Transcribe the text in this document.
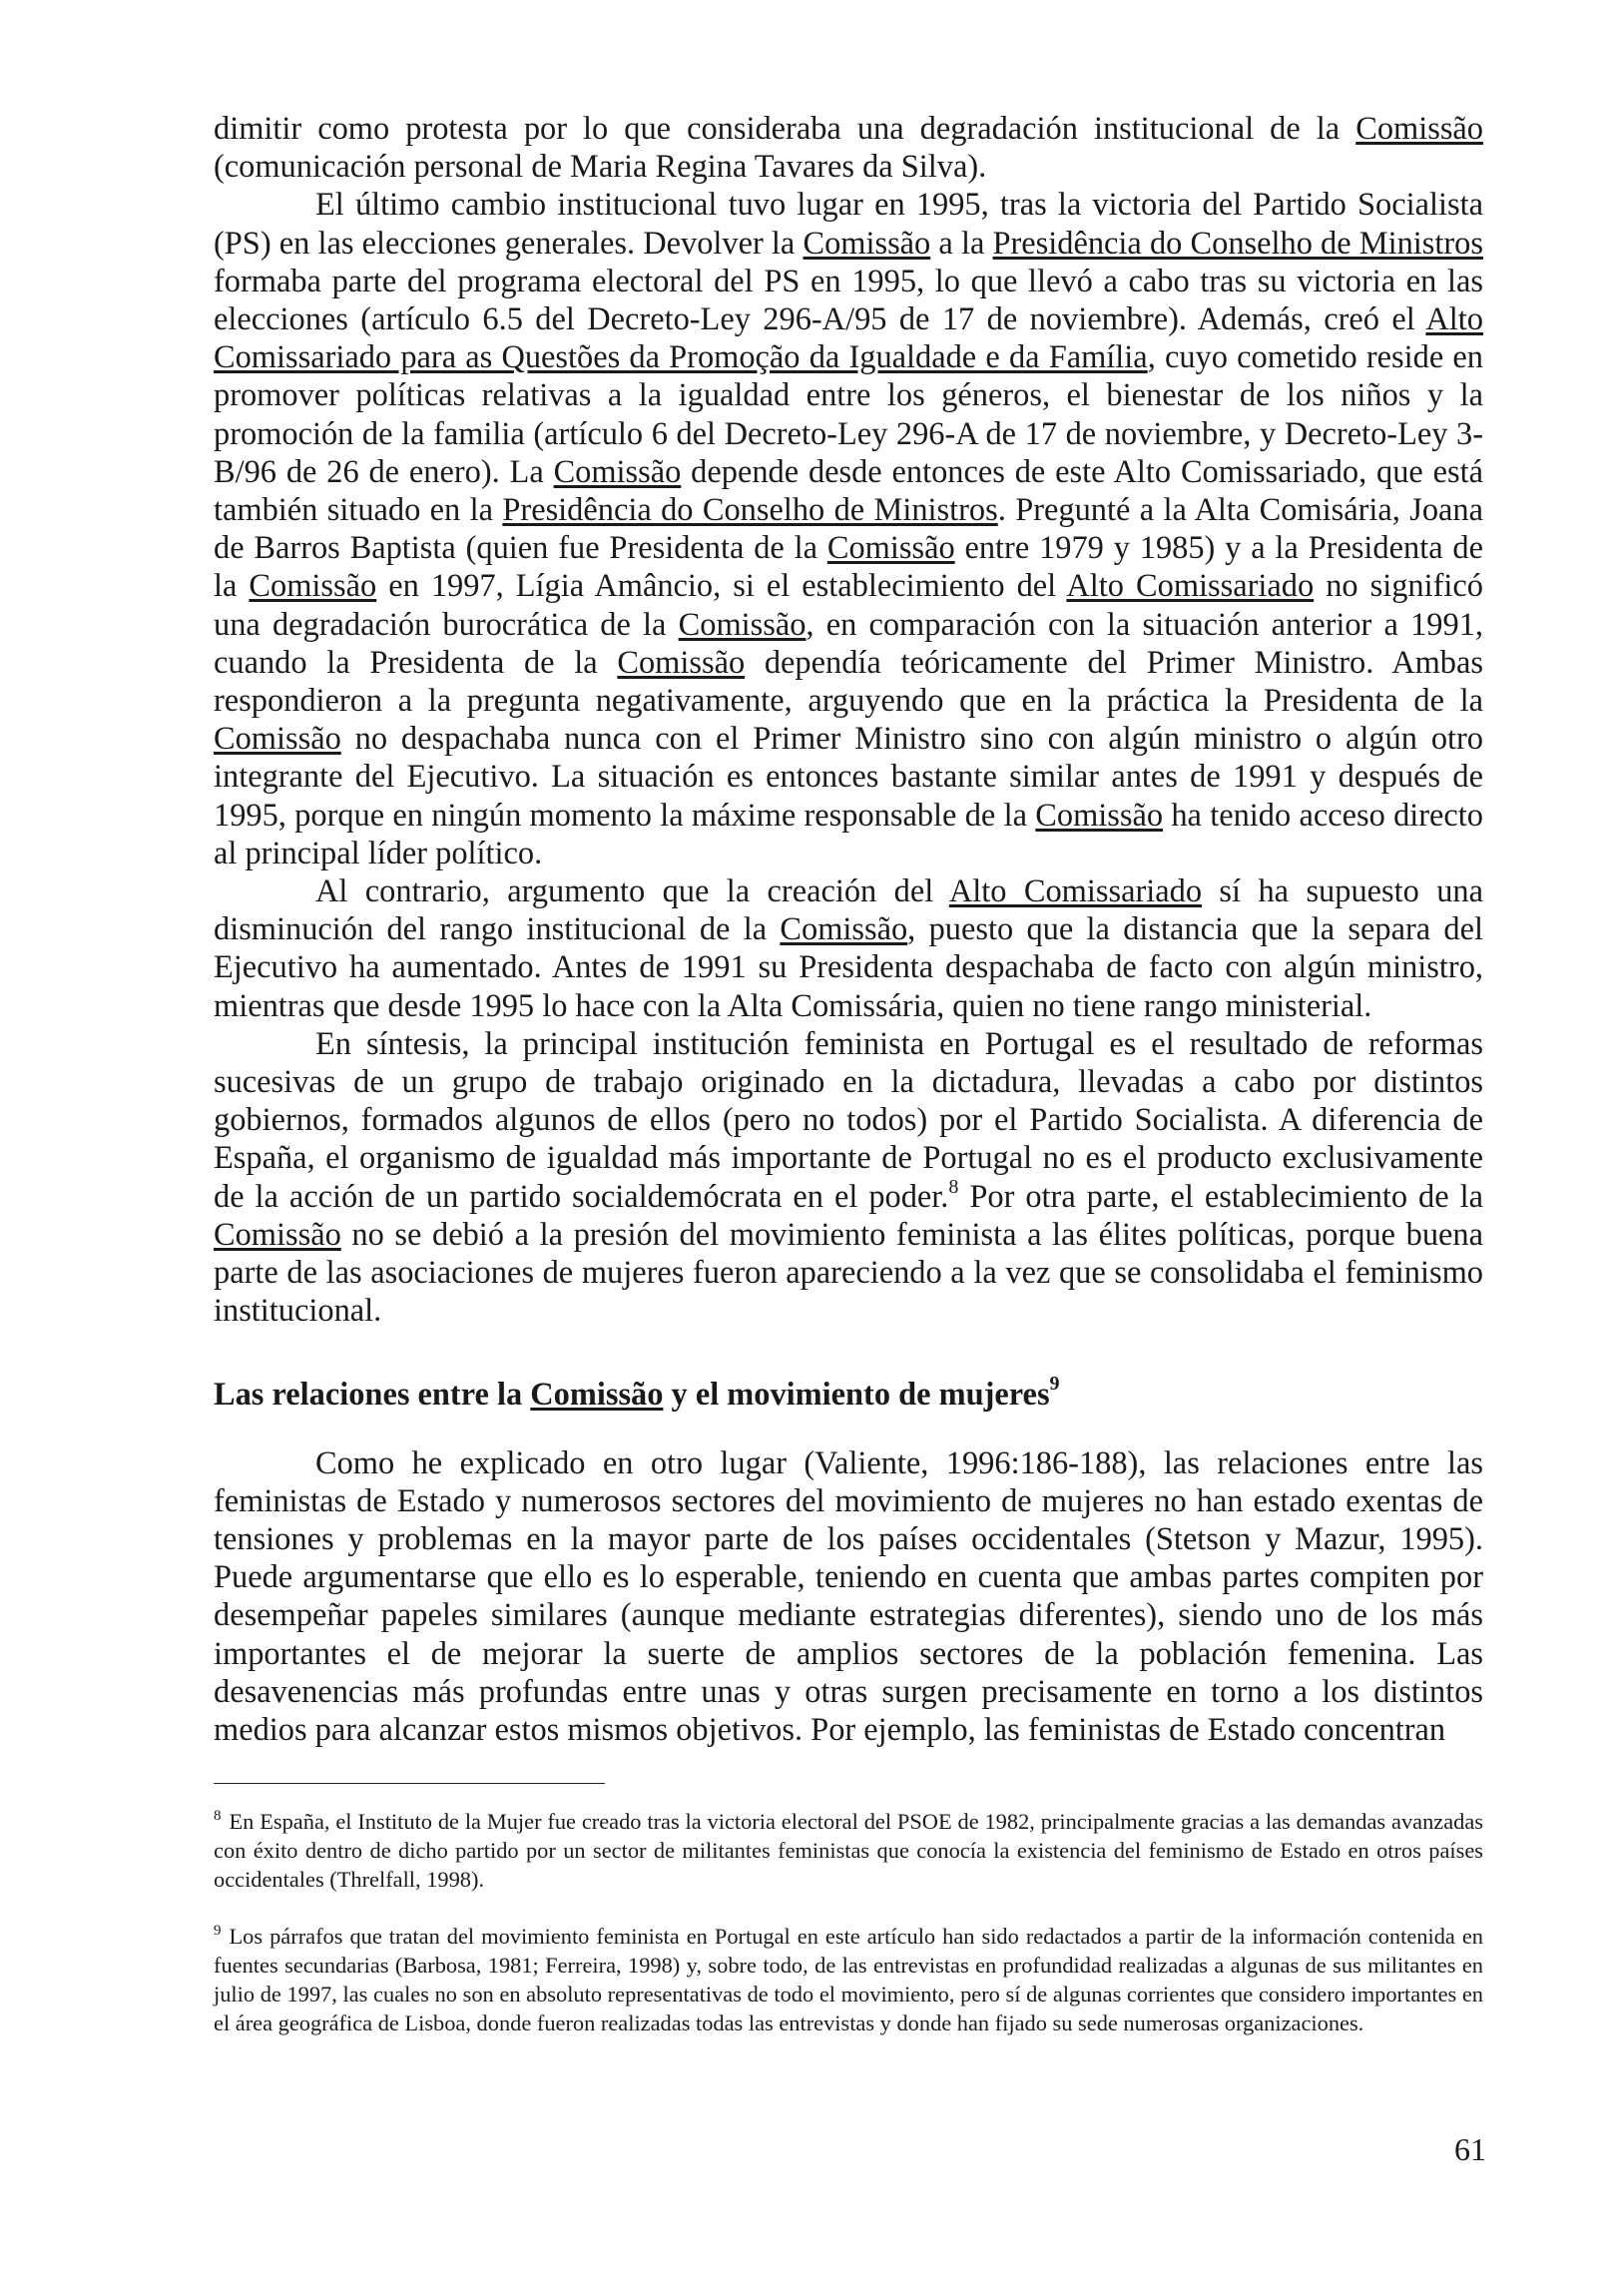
dimitir como protesta por lo que consideraba una degradación institucional de la Comissão (comunicación personal de Maria Regina Tavares da Silva).

El último cambio institucional tuvo lugar en 1995, tras la victoria del Partido Socialista (PS) en las elecciones generales. Devolver la Comissão a la Presidência do Conselho de Ministros formaba parte del programa electoral del PS en 1995, lo que llevó a cabo tras su victoria en las elecciones (artículo 6.5 del Decreto-Ley 296-A/95 de 17 de noviembre). Además, creó el Alto Comissariado para as Questões da Promoção da Igualdade e da Família, cuyo cometido reside en promover políticas relativas a la igualdad entre los géneros, el bienestar de los niños y la promoción de la familia (artículo 6 del Decreto-Ley 296-A de 17 de noviembre, y Decreto-Ley 3-B/96 de 26 de enero). La Comissão depende desde entonces de este Alto Comissariado, que está también situado en la Presidência do Conselho de Ministros. Pregunté a la Alta Comisária, Joana de Barros Baptista (quien fue Presidenta de la Comissão entre 1979 y 1985) y a la Presidenta de la Comissão en 1997, Lígia Amâncio, si el establecimiento del Alto Comissariado no significó una degradación burocrática de la Comissão, en comparación con la situación anterior a 1991, cuando la Presidenta de la Comissão dependía teóricamente del Primer Ministro. Ambas respondieron a la pregunta negativamente, arguyendo que en la práctica la Presidenta de la Comissão no despachaba nunca con el Primer Ministro sino con algún ministro o algún otro integrante del Ejecutivo. La situación es entonces bastante similar antes de 1991 y después de 1995, porque en ningún momento la máxime responsable de la Comissão ha tenido acceso directo al principal líder político.

Al contrario, argumento que la creación del Alto Comissariado sí ha supuesto una disminución del rango institucional de la Comissão, puesto que la distancia que la separa del Ejecutivo ha aumentado. Antes de 1991 su Presidenta despachaba de facto con algún ministro, mientras que desde 1995 lo hace con la Alta Comissária, quien no tiene rango ministerial.

En síntesis, la principal institución feminista en Portugal es el resultado de reformas sucesivas de un grupo de trabajo originado en la dictadura, llevadas a cabo por distintos gobiernos, formados algunos de ellos (pero no todos) por el Partido Socialista. A diferencia de España, el organismo de igualdad más importante de Portugal no es el producto exclusivamente de la acción de un partido socialdemócrata en el poder.$^8$ Por otra parte, el establecimiento de la Comissão no se debió a la presión del movimiento feminista a las élites políticas, porque buena parte de las asociaciones de mujeres fueron apareciendo a la vez que se consolidaba el feminismo institucional.

Las relaciones entre la Comissão y el movimiento de mujeres$^9$

Como he explicado en otro lugar (Valiente, 1996:186-188), las relaciones entre las feministas de Estado y numerosos sectores del movimiento de mujeres no han estado exentas de tensiones y problemas en la mayor parte de los países occidentales (Stetson y Mazur, 1995). Puede argumentarse que ello es lo esperable, teniendo en cuenta que ambas partes compiten por desempeñar papeles similares (aunque mediante estrategias diferentes), siendo uno de los más importantes el de mejorar la suerte de amplios sectores de la población femenina. Las desavenencias más profundas entre unas y otras surgen precisamente en torno a los distintos medios para alcanzar estos mismos objetivos. Por ejemplo, las feministas de Estado concentran

$^8$ En España, el Instituto de la Mujer fue creado tras la victoria electoral del PSOE de 1982, principalmente gracias a las demandas avanzadas con éxito dentro de dicho partido por un sector de militantes feministas que conocía la existencia del feminismo de Estado en otros países occidentales (Threlfall, 1998).

$^9$ Los párrafos que tratan del movimiento feminista en Portugal en este artículo han sido redactados a partir de la información contenida en fuentes secundarias (Barbosa, 1981; Ferreira, 1998) y, sobre todo, de las entrevistas en profundidad realizadas a algunas de sus militantes en julio de 1997, las cuales no son en absoluto representativas de todo el movimiento, pero sí de algunas corrientes que considero importantes en el área geográfica de Lisboa, donde fueron realizadas todas las entrevistas y donde han fijado su sede numerosas organizaciones.

61
